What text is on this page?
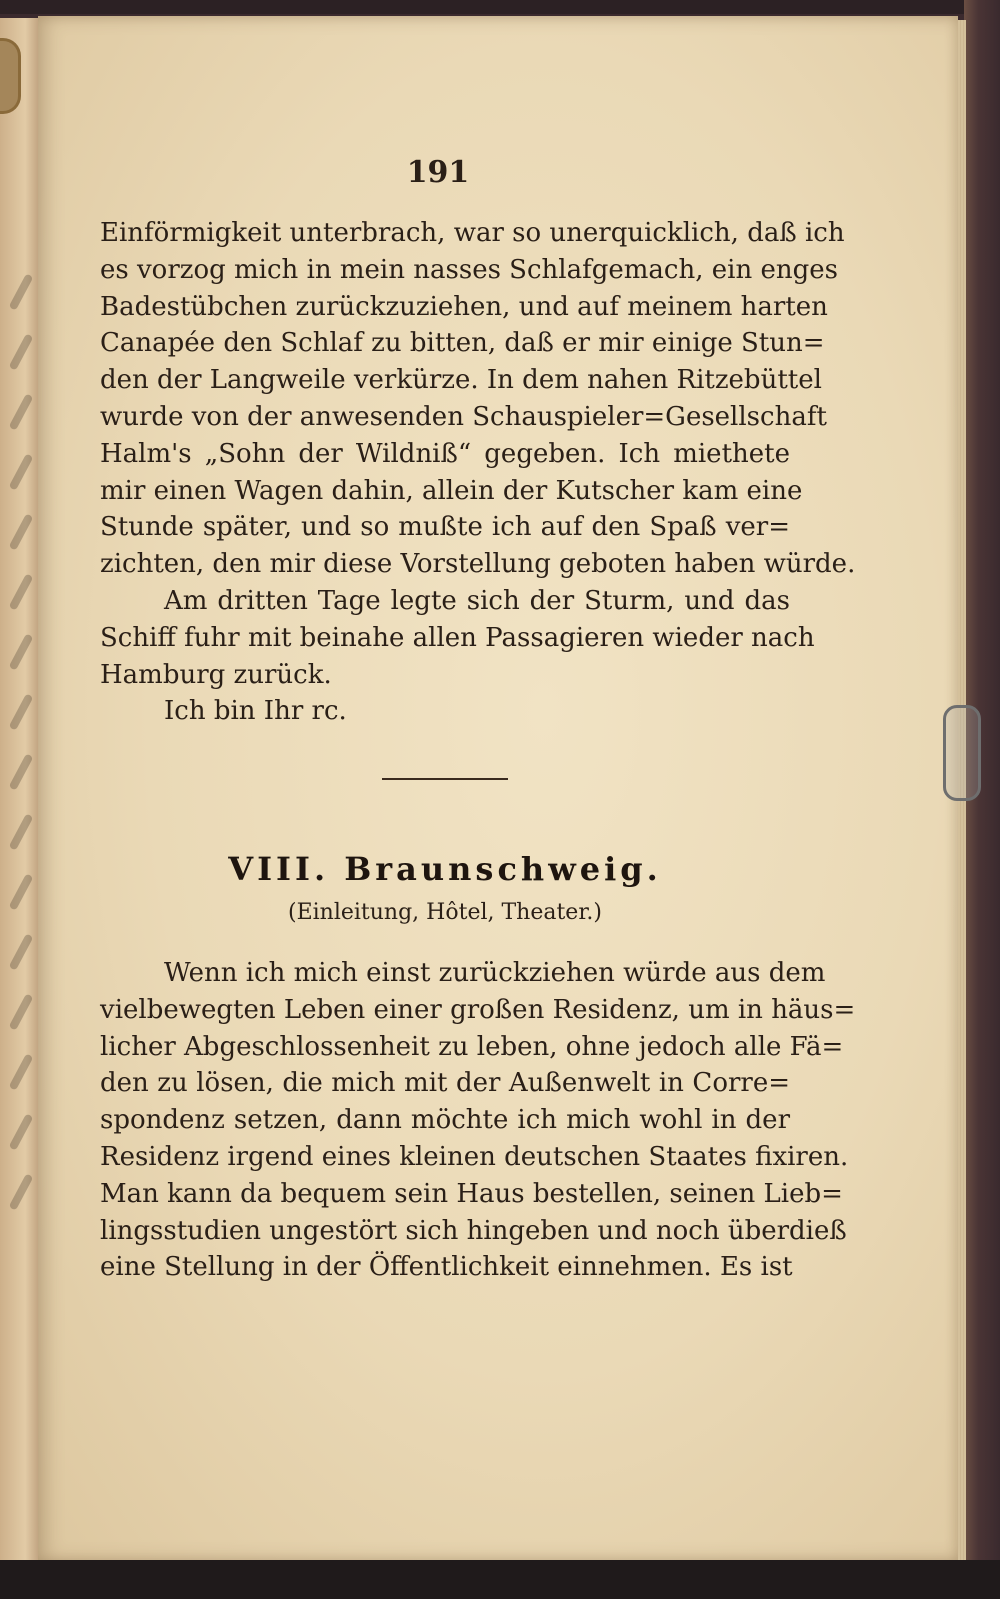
191
Einförmigkeit unterbrach, war so unerquicklich, daß ich
es vorzog mich in mein nasses Schlafgemach, ein enges
Badestübchen zurückzuziehen, und auf meinem harten
Canapée den Schlaf zu bitten, daß er mir einige Stun=
den der Langweile verkürze. In dem nahen Ritzebüttel
wurde von der anwesenden Schauspieler=Gesellschaft
Halm's „Sohn der Wildniß“ gegeben. Ich miethete
mir einen Wagen dahin, allein der Kutscher kam eine
Stunde später, und so mußte ich auf den Spaß ver=
zichten, den mir diese Vorstellung geboten haben würde.
Am dritten Tage legte sich der Sturm, und das
Schiff fuhr mit beinahe allen Passagieren wieder nach
Hamburg zurück.
Ich bin Ihr rc.
VIII. Braunschweig.
(Einleitung, Hôtel, Theater.)
Wenn ich mich einst zurückziehen würde aus dem
vielbewegten Leben einer großen Residenz, um in häus=
licher Abgeschlossenheit zu leben, ohne jedoch alle Fä=
den zu lösen, die mich mit der Außenwelt in Corre=
spondenz setzen, dann möchte ich mich wohl in der
Residenz irgend eines kleinen deutschen Staates fixiren.
Man kann da bequem sein Haus bestellen, seinen Lieb=
lingsstudien ungestört sich hingeben und noch überdieß
eine Stellung in der Öffentlichkeit einnehmen. Es ist
